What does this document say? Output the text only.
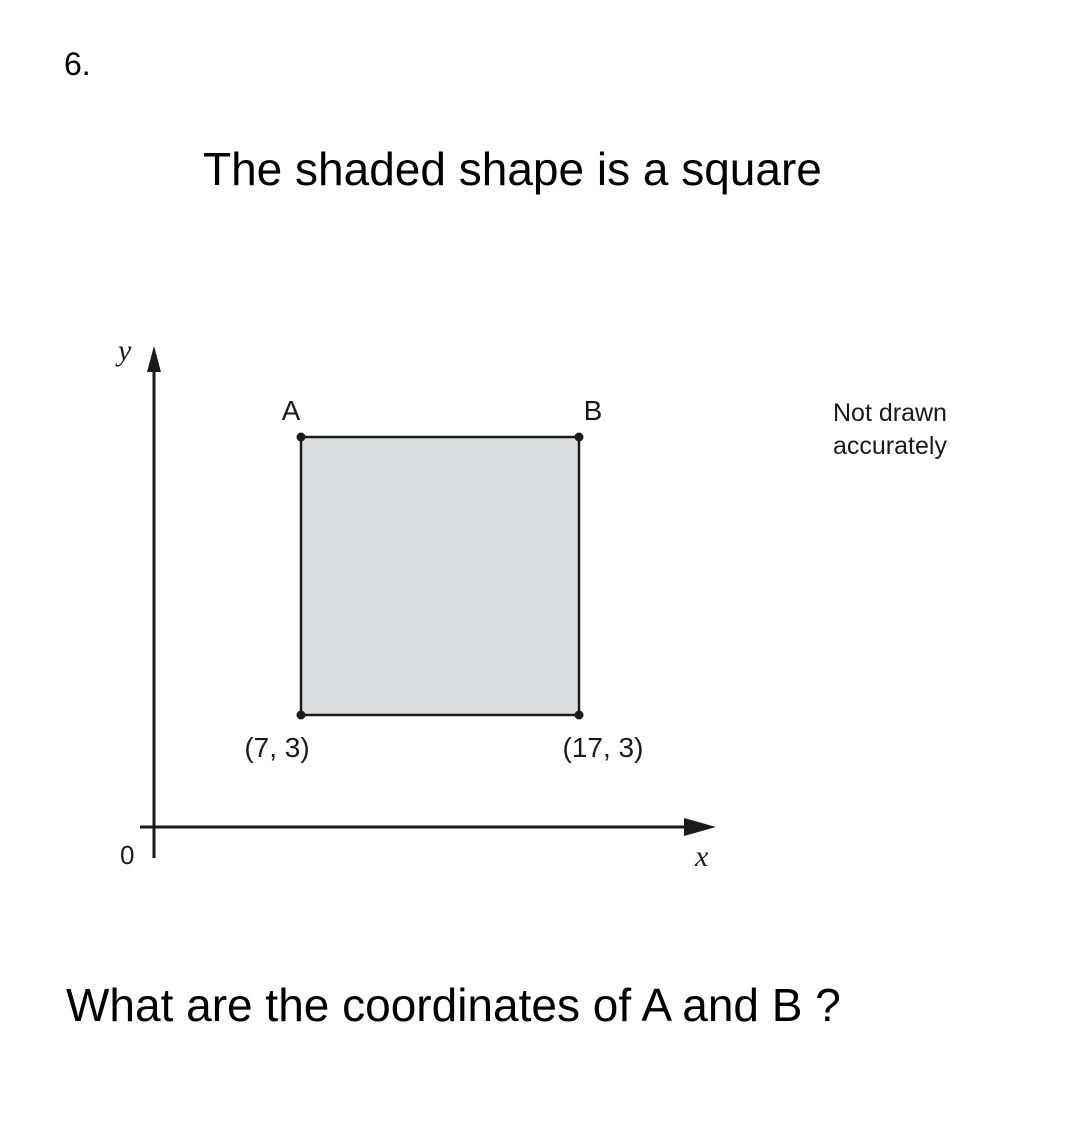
6.
The shaded shape is a square
y
x
0
A	B
(7, 3)	(17, 3)
Not drawn
accurately
What are the coordinates of A and B ?
